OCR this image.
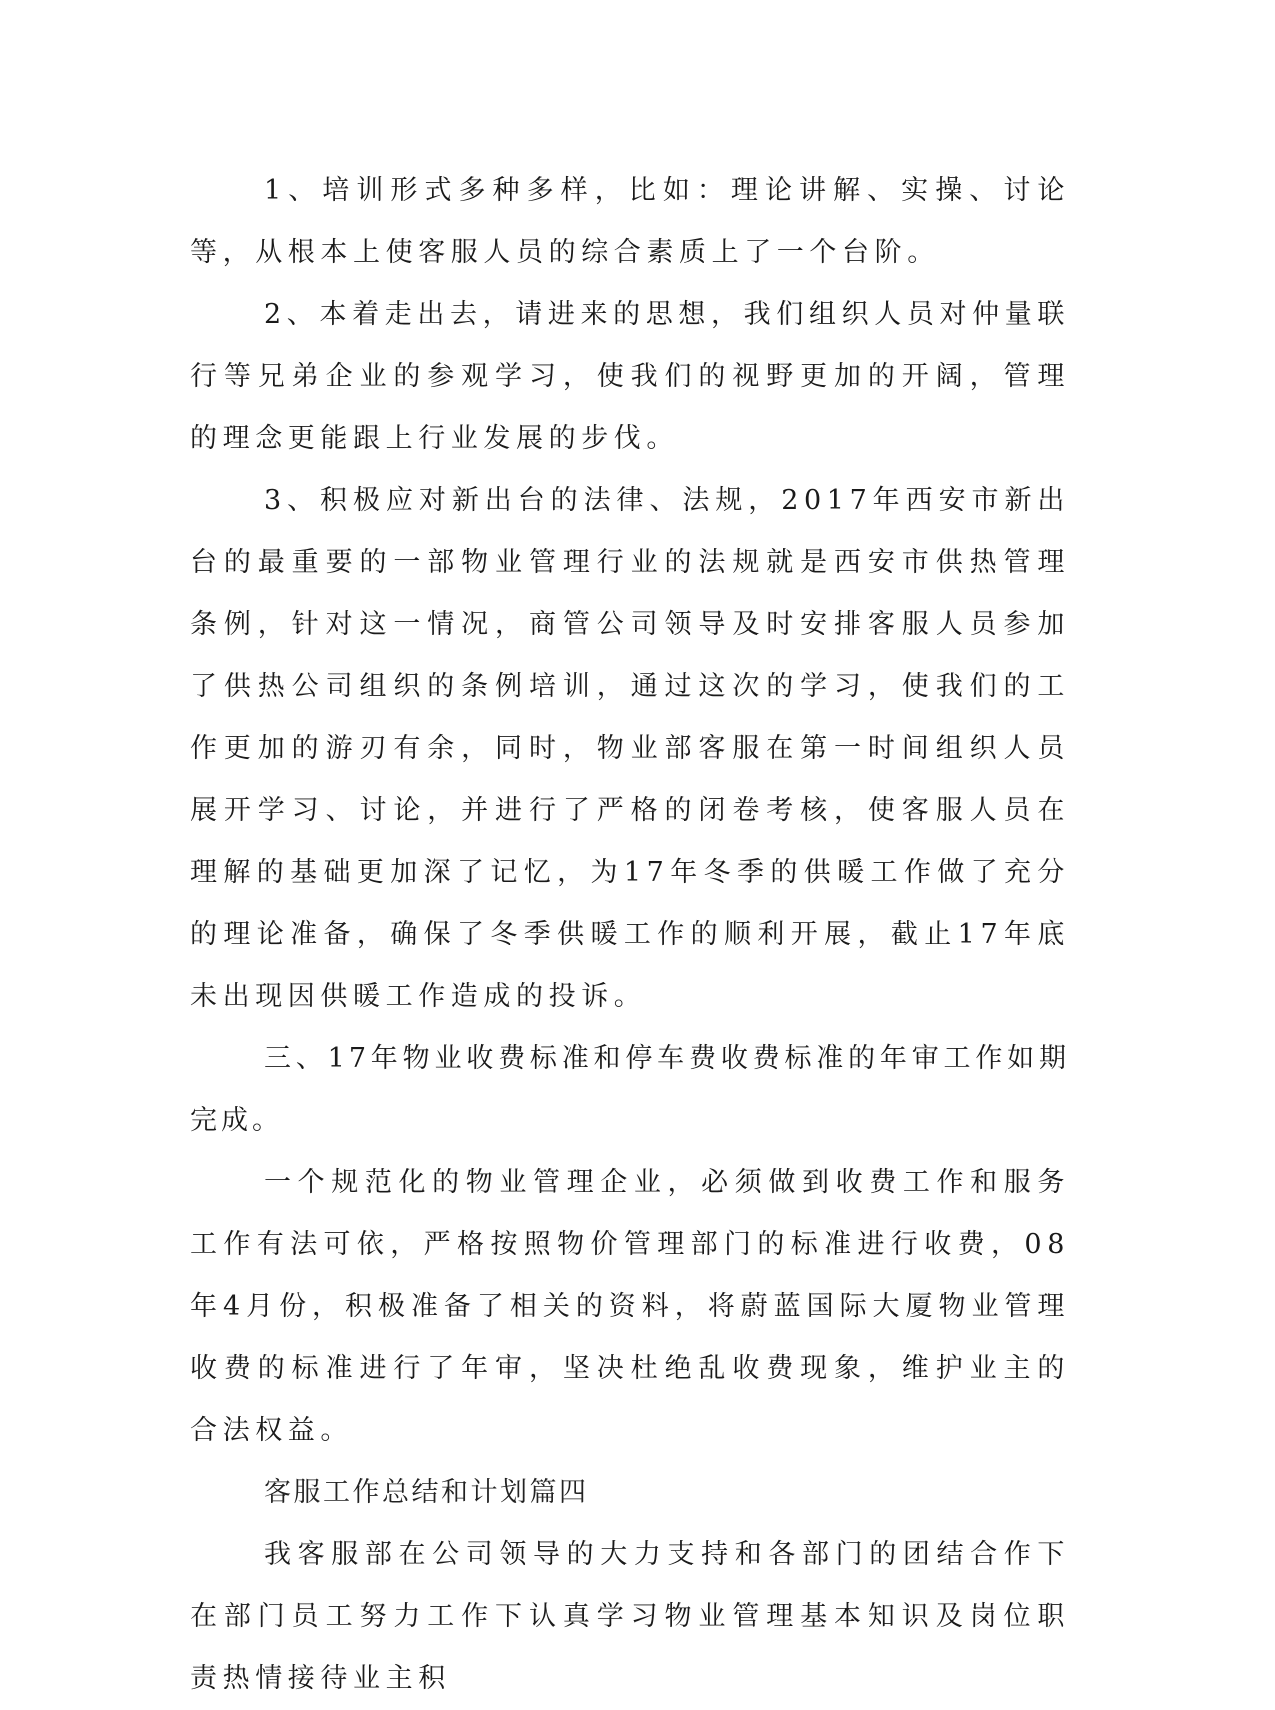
1、培训形式多种多样，比如：理论讲解、实操、讨论等，从根本上使客服人员的综合素质上了一个台阶。

2、本着走出去，请进来的思想，我们组织人员对仲量联行等兄弟企业的参观学习，使我们的视野更加的开阔，管理的理念更能跟上行业发展的步伐。

3、积极应对新出台的法律、法规，2017年西安市新出台的最重要的一部物业管理行业的法规就是西安市供热管理条例，针对这一情况，商管公司领导及时安排客服人员参加了供热公司组织的条例培训，通过这次的学习，使我们的工作更加的游刃有余，同时，物业部客服在第一时间组织人员展开学习、讨论，并进行了严格的闭卷考核，使客服人员在理解的基础更加深了记忆，为17年冬季的供暖工作做了充分的理论准备，确保了冬季供暖工作的顺利开展，截止17年底未出现因供暖工作造成的投诉。

三、17年物业收费标准和停车费收费标准的年审工作如期完成。

一个规范化的物业管理企业，必须做到收费工作和服务工作有法可依，严格按照物价管理部门的标准进行收费，08年4月份，积极准备了相关的资料，将蔚蓝国际大厦物业管理收费的标准进行了年审，坚决杜绝乱收费现象，维护业主的合法权益。

客服工作总结和计划篇四

我客服部在公司领导的大力支持和各部门的团结合作下在部门员工努力工作下认真学习物业管理基本知识及岗位职责热情接待业主积
